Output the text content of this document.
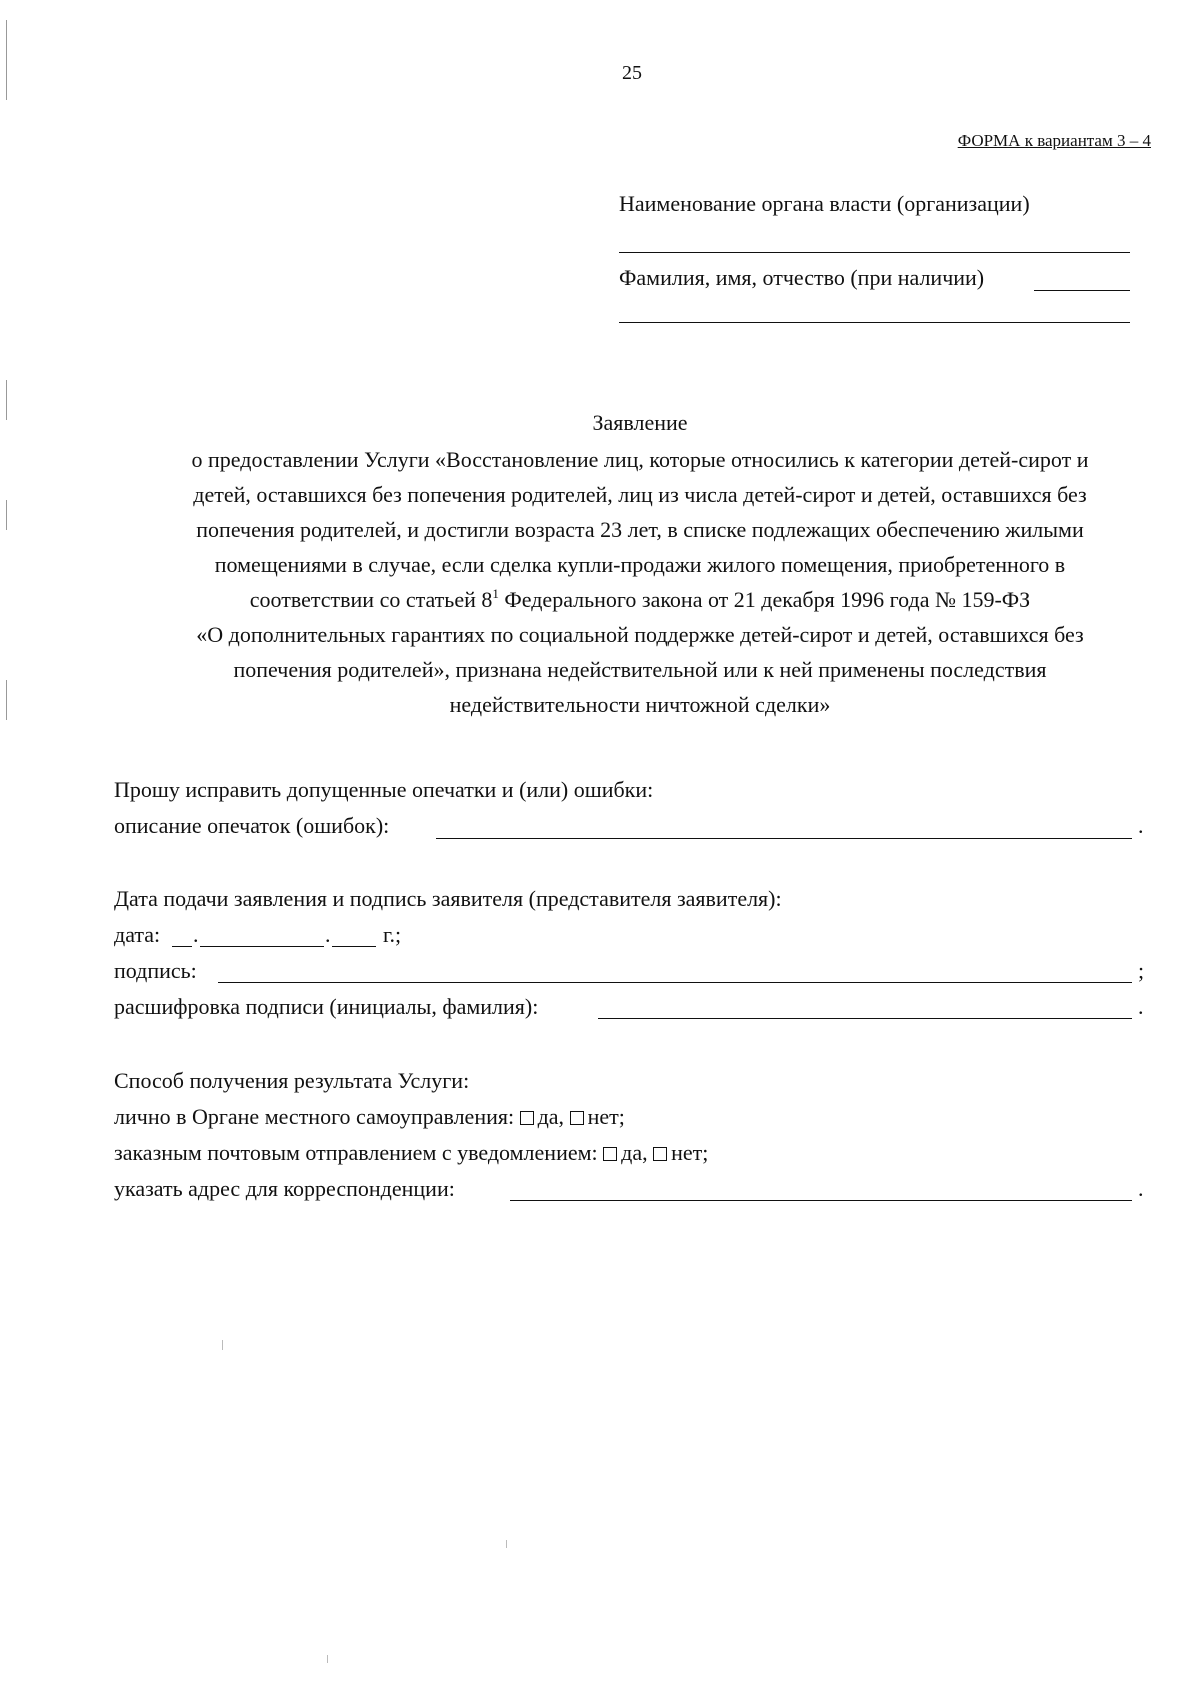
25
ФОРМА к вариантам 3 – 4
Наименование органа власти (организации)
Фамилия, имя, отчество (при наличии)
Заявление
о предоставлении Услуги «Восстановление лиц, которые относились к категории детей-сирот и
детей, оставшихся без попечения родителей, лиц из числа детей-сирот и детей, оставшихся без
попечения родителей, и достигли возраста 23 лет, в списке подлежащих обеспечению жилыми
помещениями в случае, если сделка купли-продажи жилого помещения, приобретенного в
соответствии со статьей $8^1$ Федерального закона от 21 декабря 1996 года № 159-ФЗ
«О дополнительных гарантиях по социальной поддержке детей-сирот и детей, оставшихся без
попечения родителей», признана недействительной или к ней применены последствия
недействительности ничтожной сделки»
Прошу исправить допущенные опечатки и (или) ошибки:
описание опечаток (ошибок):	.
Дата подачи заявления и подпись заявителя (представителя заявителя):
дата: .	. г.;
подпись:	;
расшифровка подписи (инициалы, фамилия):	.
Способ получения результата Услуги:
лично в Органе местного самоуправления: да, нет;
заказным почтовым отправлением с уведомлением: да, нет;
указать адрес для корреспонденции:	.
